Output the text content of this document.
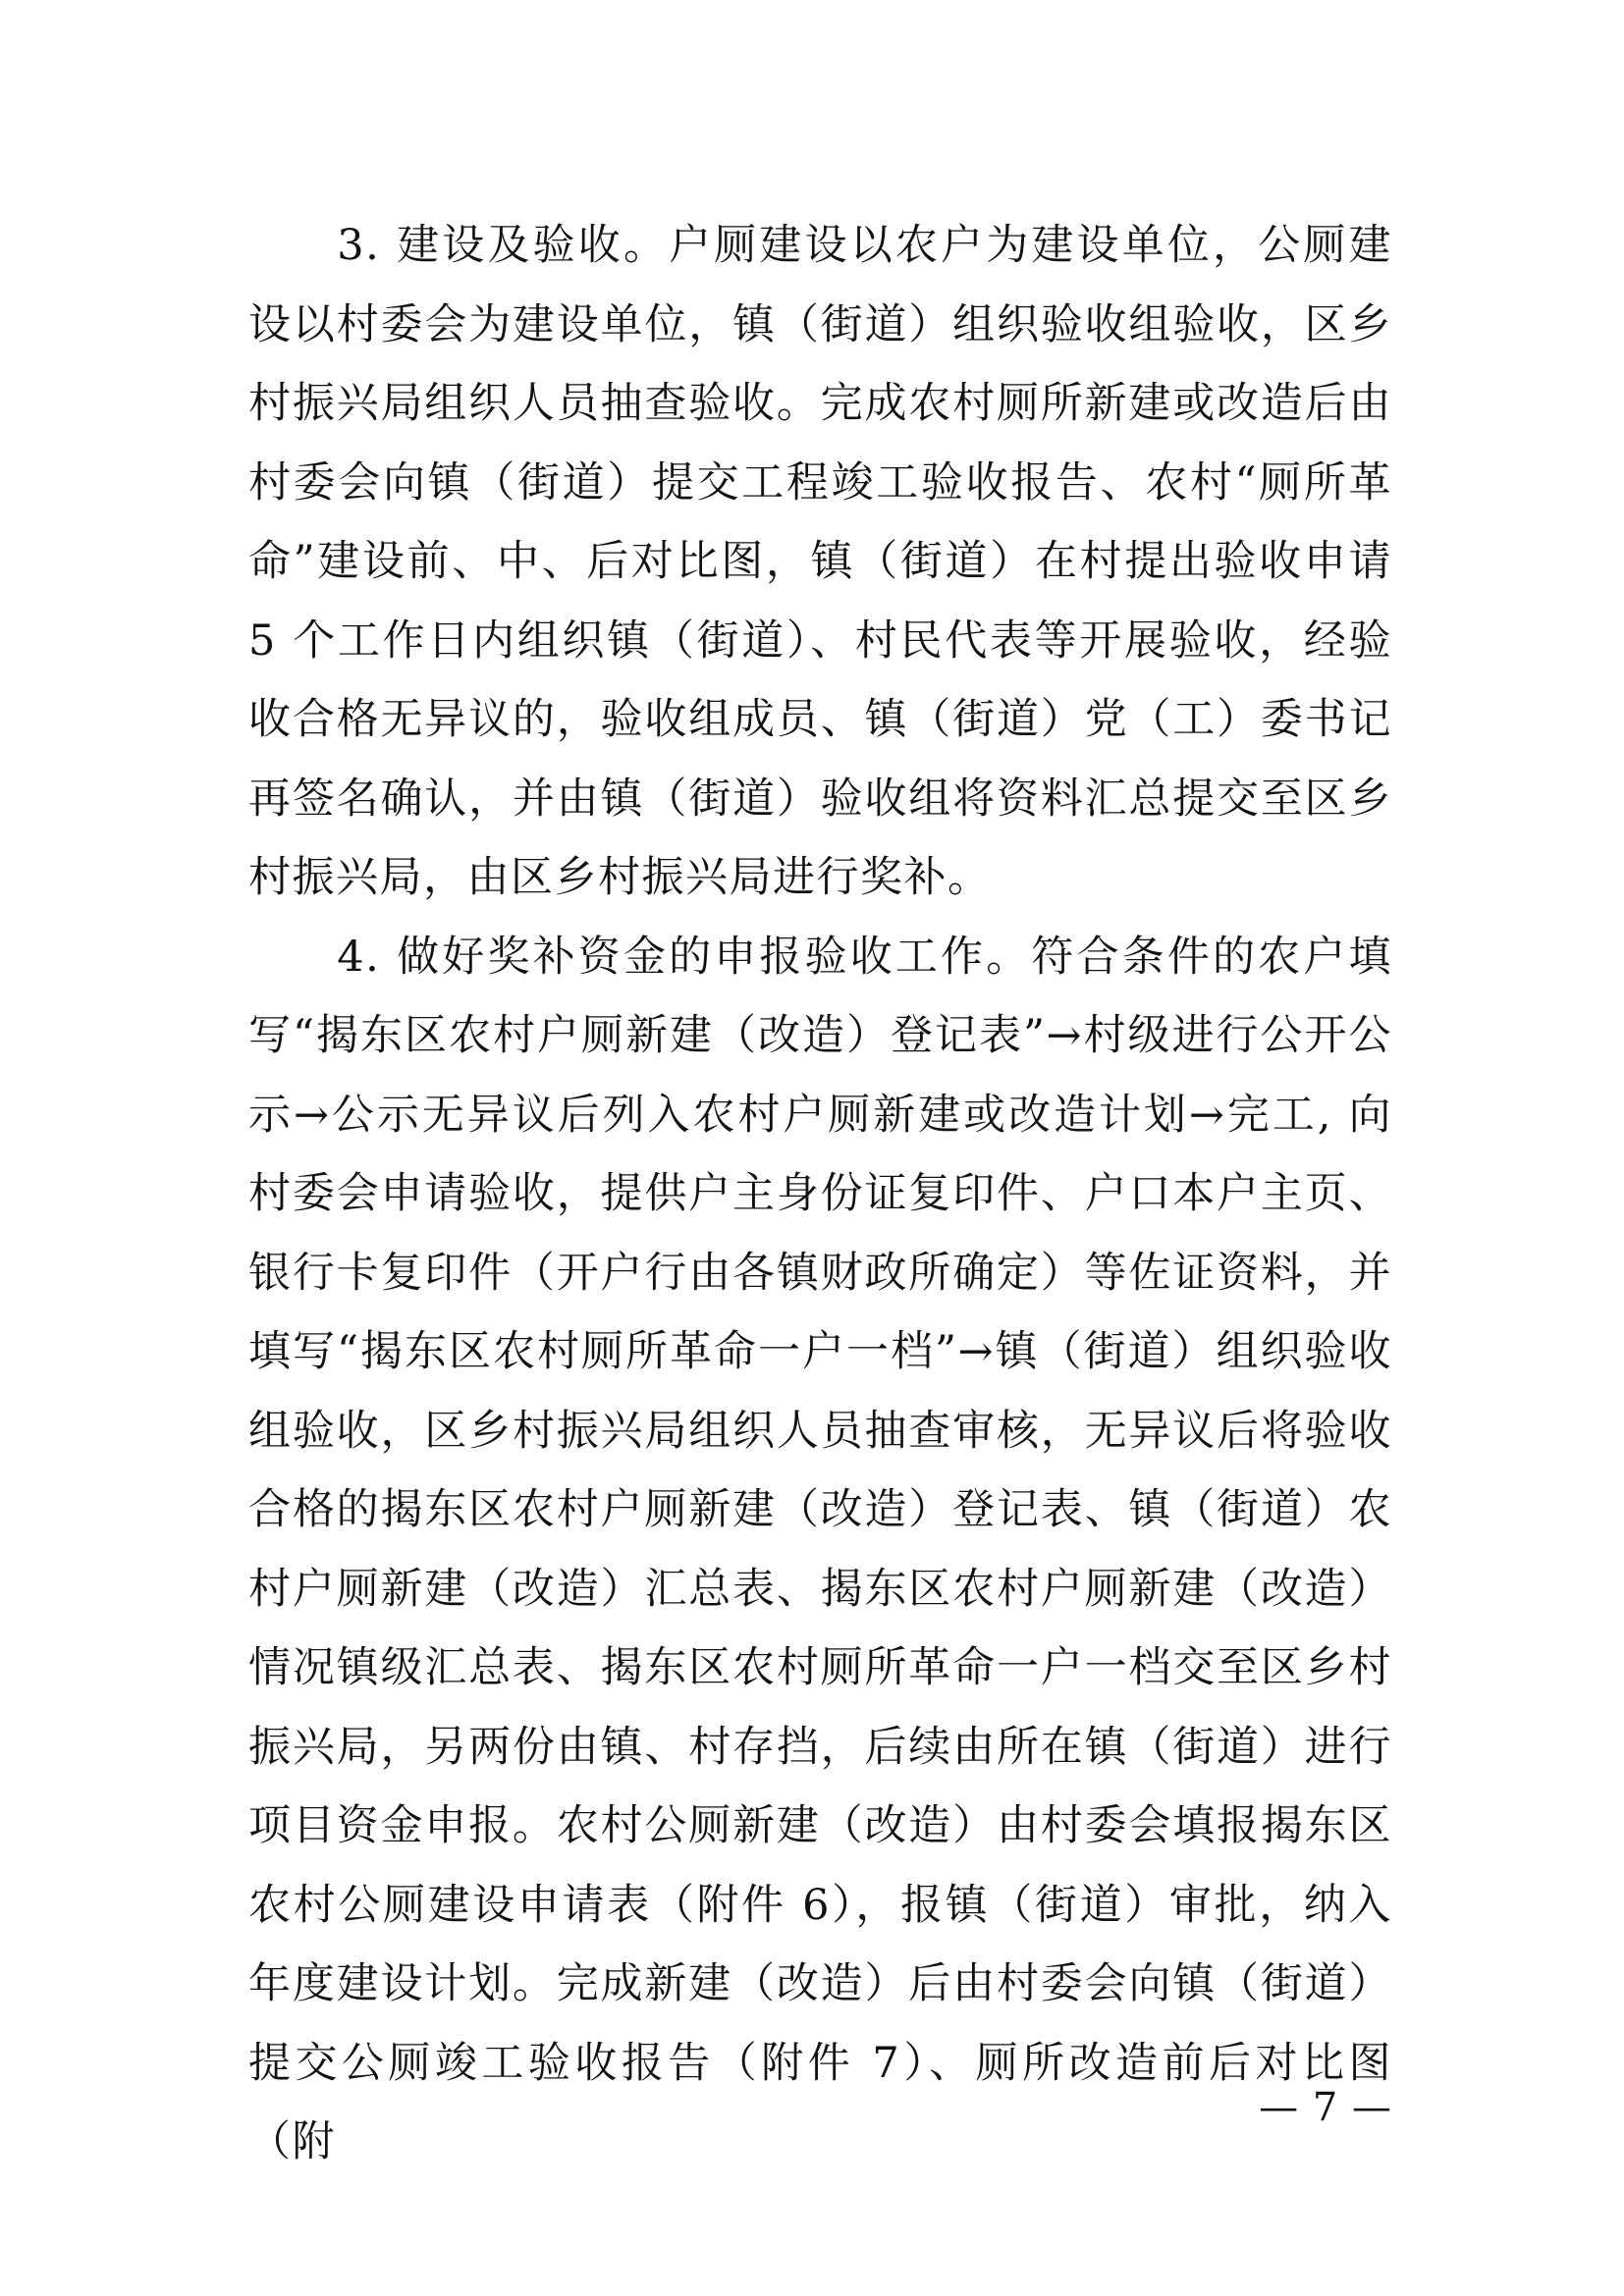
3. 建设及验收。户厕建设以农户为建设单位，公厕建设以村委会为建设单位，镇（街道）组织验收组验收，区乡村振兴局组织人员抽查验收。完成农村厕所新建或改造后由村委会向镇（街道）提交工程竣工验收报告、农村“厕所革命”建设前、中、后对比图，镇（街道）在村提出验收申请 5 个工作日内组织镇（街道）、村民代表等开展验收，经验收合格无异议的，验收组成员、镇（街道）党（工）委书记再签名确认，并由镇（街道）验收组将资料汇总提交至区乡村振兴局，由区乡村振兴局进行奖补。

4. 做好奖补资金的申报验收工作。符合条件的农户填写“揭东区农村户厕新建（改造）登记表”→村级进行公开公示→公示无异议后列入农村户厕新建或改造计划→完工, 向村委会申请验收，提供户主身份证复印件、户口本户主页、银行卡复印件（开户行由各镇财政所确定）等佐证资料，并填写“揭东区农村厕所革命一户一档”→镇（街道）组织验收组验收，区乡村振兴局组织人员抽查审核，无异议后将验收合格的揭东区农村户厕新建（改造）登记表、镇（街道）农村户厕新建（改造）汇总表、揭东区农村户厕新建（改造）情况镇级汇总表、揭东区农村厕所革命一户一档交至区乡村振兴局，另两份由镇、村存挡，后续由所在镇（街道）进行项目资金申报。农村公厕新建（改造）由村委会填报揭东区农村公厕建设申请表（附件 6），报镇（街道）审批，纳入年度建设计划。完成新建（改造）后由村委会向镇（街道）提交公厕竣工验收报告（附件 7）、厕所改造前后对比图（附

— 7 —
